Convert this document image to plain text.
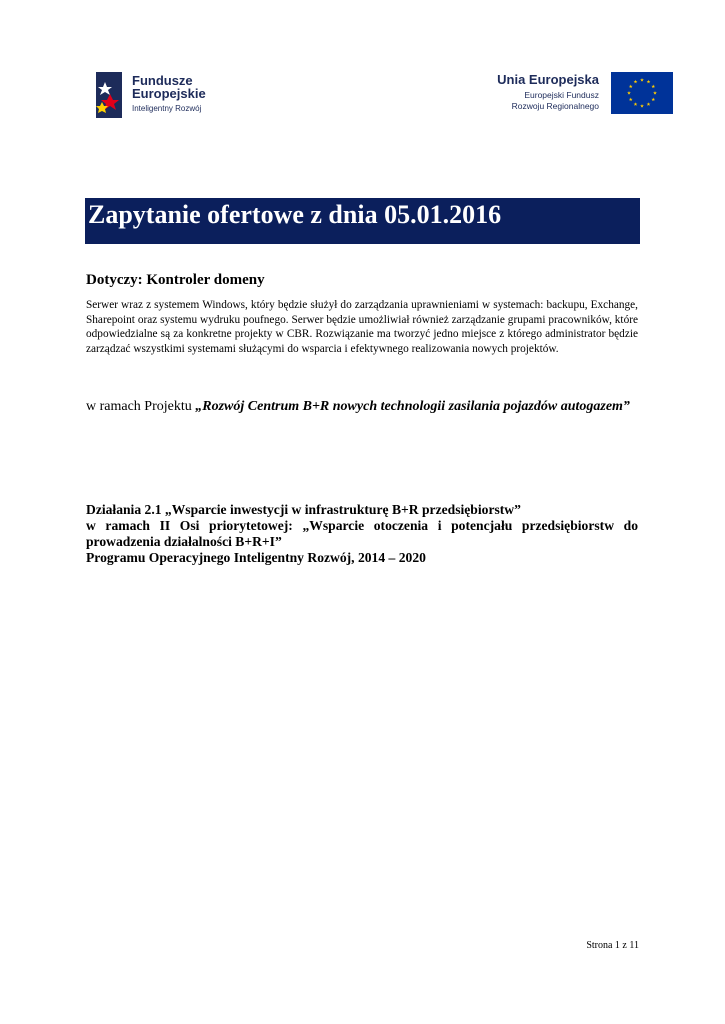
Fundusze
Europejskie
Inteligentny Rozwój
Unia Europejska
Europejski Fundusz
Rozwoju Regionalnego
Zapytanie ofertowe z dnia 05.01.2016

Dotyczy: Kontroler domeny

Serwer wraz z systemem Windows, który będzie służył do zarządzania uprawnieniami w systemach: backupu, Exchange, Sharepoint oraz systemu wydruku poufnego. Serwer będzie umożliwiał również zarządzanie grupami pracowników, które odpowiedzialne są za konkretne projekty w CBR. Rozwiązanie ma tworzyć jedno miejsce z którego administrator będzie zarządzać wszystkimi systemami służącymi do wsparcia i efektywnego realizowania nowych projektów.

w ramach Projektu „Rozwój Centrum B+R nowych technologii zasilania pojazdów autogazem”

Działania 2.1 „Wsparcie inwestycji w infrastrukturę B+R przedsiębiorstw”
w ramach II Osi priorytetowej: „Wsparcie otoczenia i potencjału przedsiębiorstw do
prowadzenia działalności B+R+I”
Programu Operacyjnego Inteligentny Rozwój, 2014 – 2020

Strona 1 z 11
